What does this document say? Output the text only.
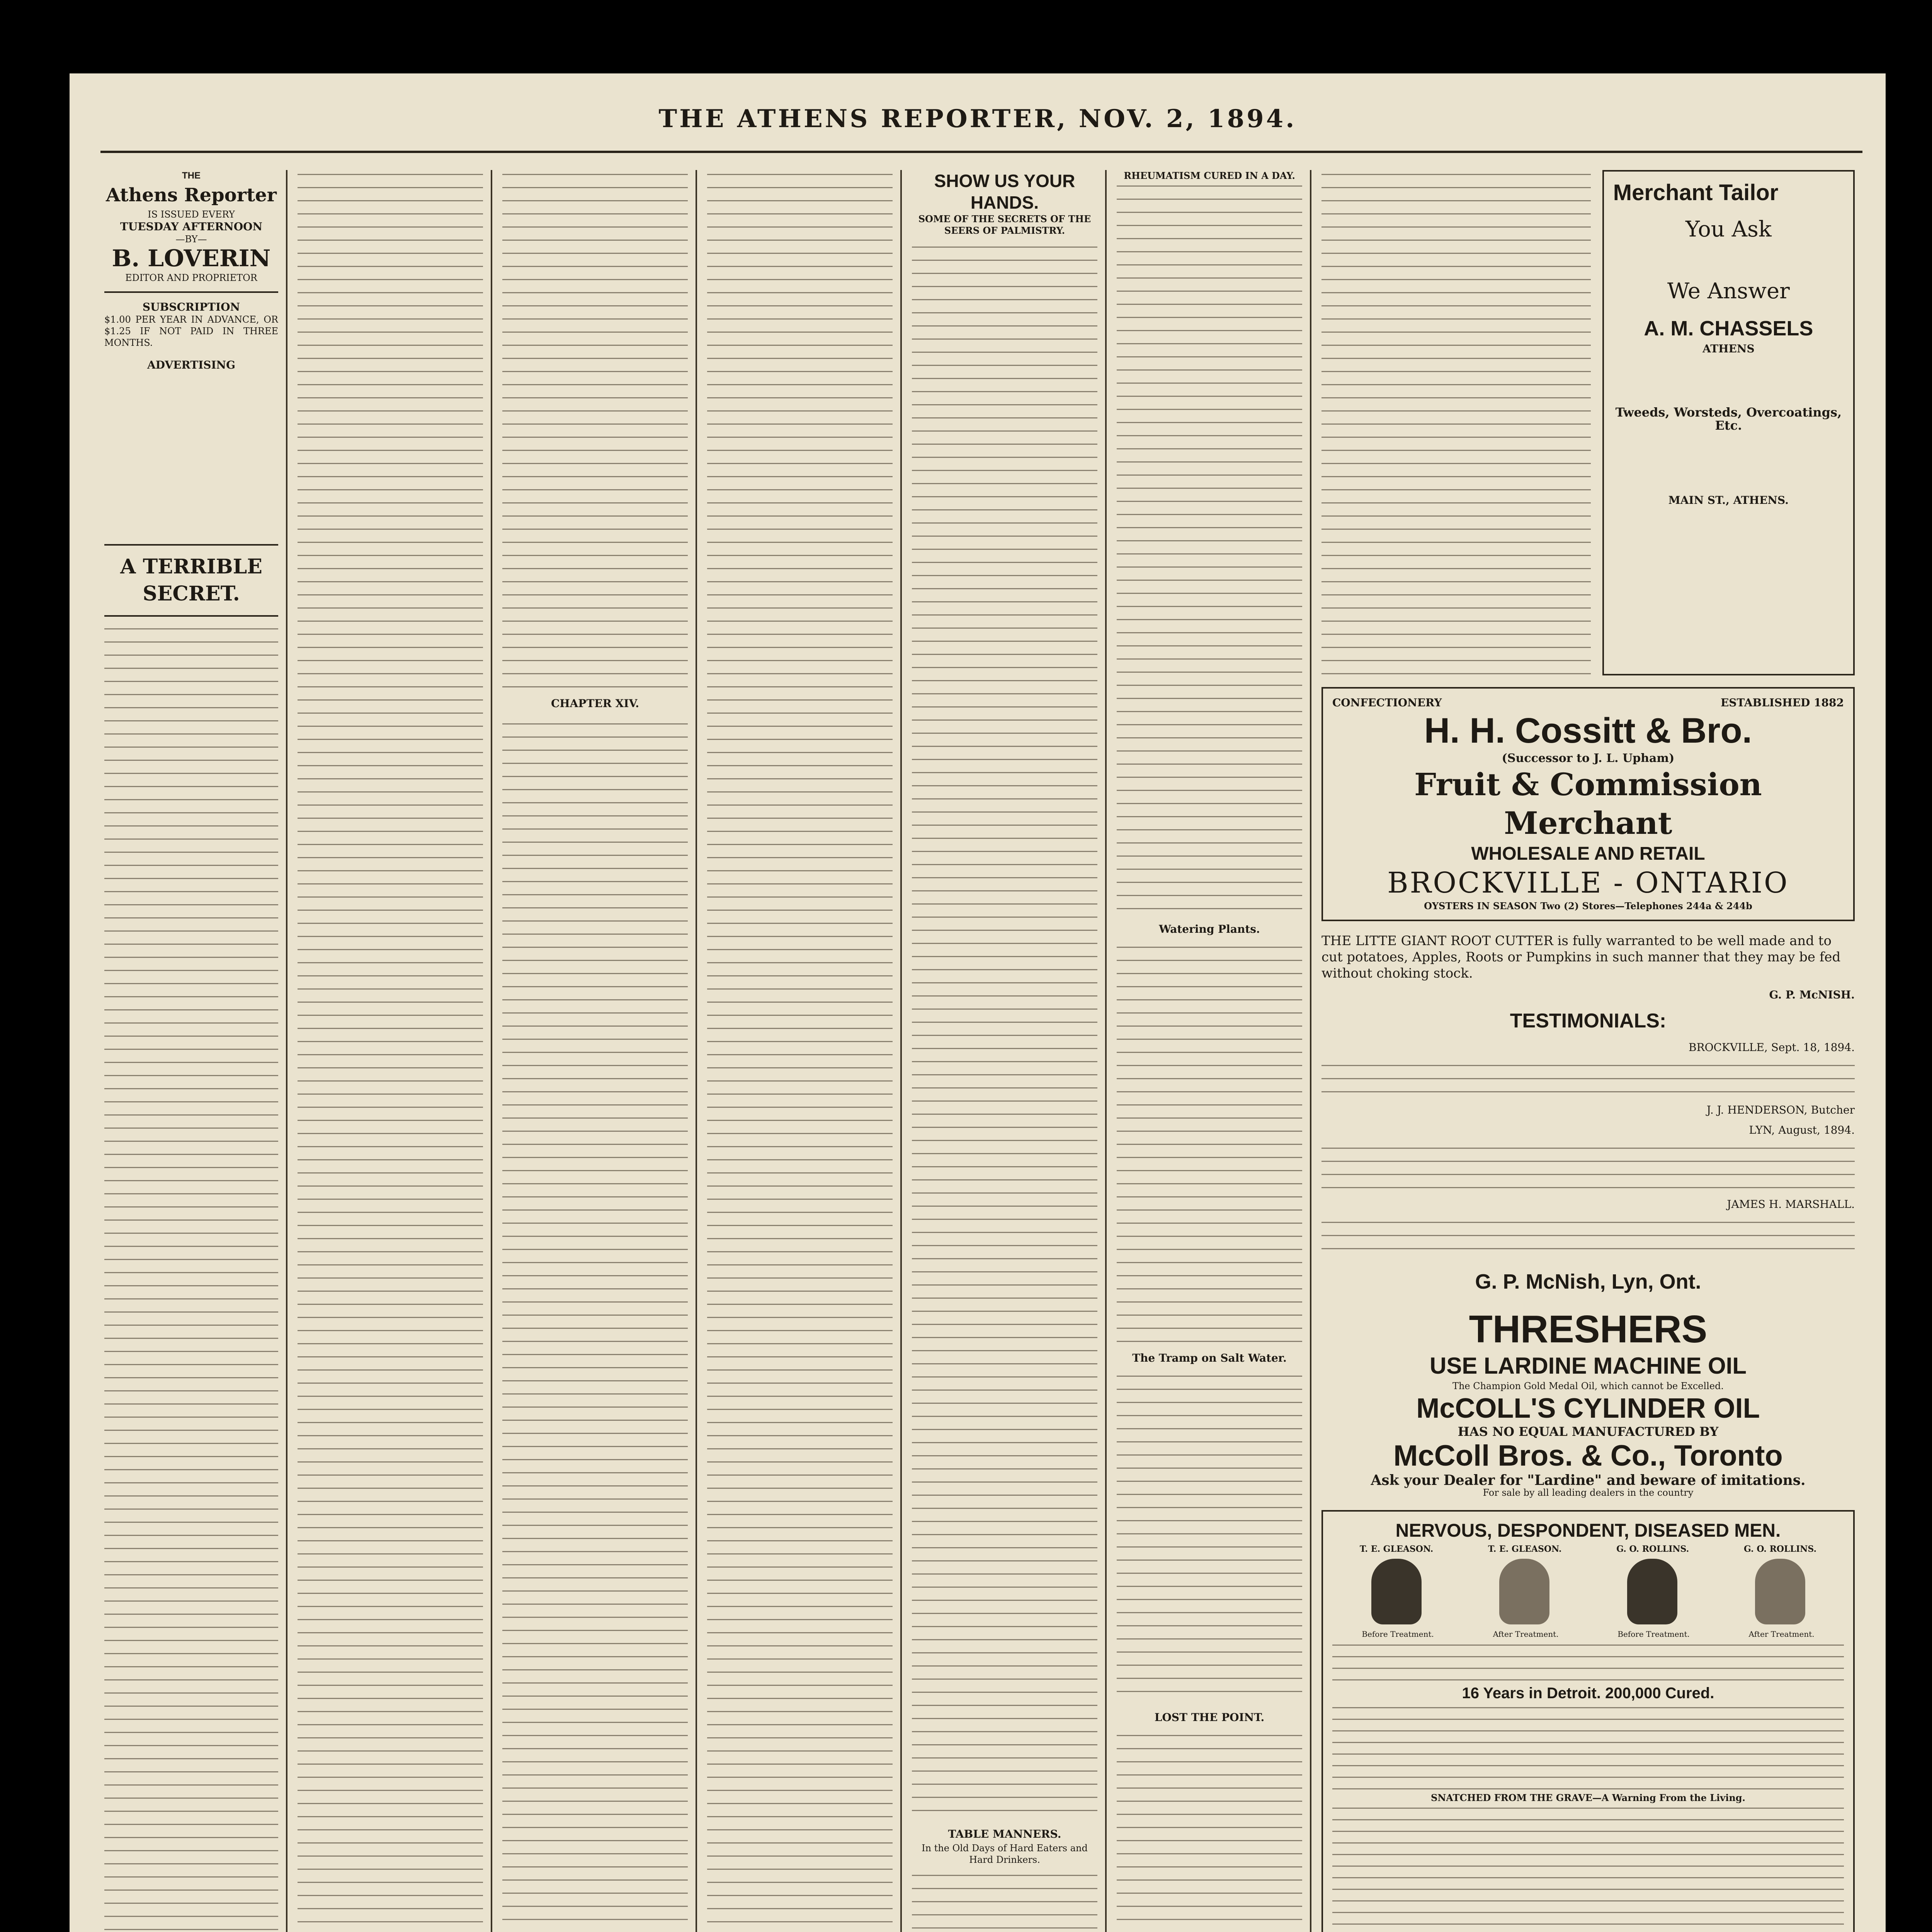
THE ATHENS REPORTER, NOV. 2, 1894.
THE
Athens Reporter
IS ISSUED EVERY
TUESDAY AFTERNOON
—BY—
B. LOVERIN
EDITOR AND PROPRIETOR
SUBSCRIPTION
$1.00 PER YEAR IN ADVANCE, OR $1.25 IF NOT PAID IN THREE MONTHS.
ADVERTISING
A TERRIBLE SECRET.
CHAPTER XIV.
SHOW US YOUR HANDS.
SOME OF THE SECRETS OF THE SEERS OF PALMISTRY.
TABLE MANNERS.
In the Old Days of Hard Eaters and Hard Drinkers.
RHEUMATISM CURED IN A DAY.
Watering Plants.
The Tramp on Salt Water.
LOST THE POINT.
Merchant Tailor
You Ask
We Answer
A. M. CHASSELS
ATHENS
Tweeds, Worsteds, Overcoatings, Etc.
MAIN ST., ATHENS.
CONFECTIONERY	ESTABLISHED 1882
H. H. Cossitt & Bro.
(Successor to J. L. Upham)
Fruit & Commission Merchant
WHOLESALE AND RETAIL
BROCKVILLE - ONTARIO
OYSTERS IN SEASON Two (2) Stores—Telephones 244a & 244b

THE LITTE GIANT ROOT CUTTER is fully warranted to be well made and to cut potatoes, Apples, Roots or Pumpkins in such manner that they may be fed without choking stock.

G. P. McNISH.

TESTIMONIALS:

BROCKVILLE, Sept. 18, 1894.

J. J. HENDERSON, Butcher

LYN, August, 1894.

JAMES H. MARSHALL.

G. P. McNish, Lyn, Ont.
THRESHERS
USE LARDINE MACHINE OIL
The Champion Gold Medal Oil, which cannot be Excelled.
McCOLL'S CYLINDER OIL
HAS NO EQUAL MANUFACTURED BY
McColl Bros. & Co., Toronto
Ask your Dealer for "Lardine" and beware of imitations.
For sale by all leading dealers in the country
NERVOUS, DESPONDENT, DISEASED MEN.
T. E. GLEASON.	T. E. GLEASON.	G. O. ROLLINS.	G. O. ROLLINS.
Before Treatment.	After Treatment.	Before Treatment.	After Treatment.
16 Years in Detroit. 200,000 Cured.
SNATCHED FROM THE GRAVE—A Warning From the Living.
